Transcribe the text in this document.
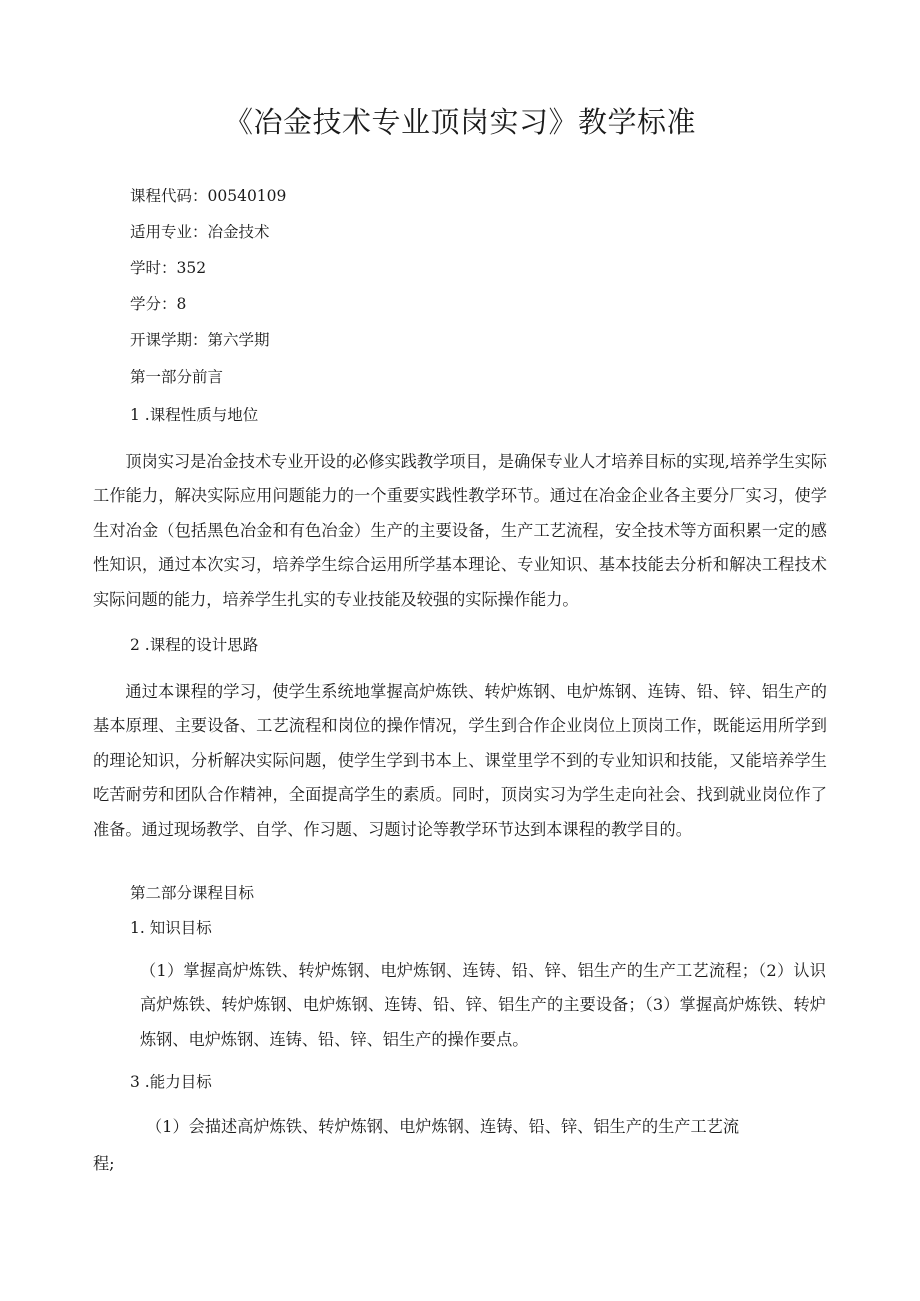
《冶金技术专业顶岗实习》教学标准

课程代码：00540109

适用专业：冶金技术

学时：352

学分：8

开课学期：第六学期

第一部分前言

1 .课程性质与地位

顶岗实习是冶金技术专业开设的必修实践教学项目，是确保专业人才培养目标的实现,培养学生实际工作能力，解决实际应用问题能力的一个重要实践性教学环节。通过在冶金企业各主要分厂实习，使学生对冶金（包括黑色冶金和有色冶金）生产的主要设备，生产工艺流程，安全技术等方面积累一定的感性知识，通过本次实习，培养学生综合运用所学基本理论、专业知识、基本技能去分析和解决工程技术实际问题的能力，培养学生扎实的专业技能及较强的实际操作能力。

2 .课程的设计思路

通过本课程的学习，使学生系统地掌握高炉炼铁、转炉炼钢、电炉炼钢、连铸、铅、锌、铝生产的基本原理、主要设备、工艺流程和岗位的操作情况，学生到合作企业岗位上顶岗工作，既能运用所学到的理论知识，分析解决实际问题，使学生学到书本上、课堂里学不到的专业知识和技能，又能培养学生吃苦耐劳和团队合作精神，全面提高学生的素质。同时，顶岗实习为学生走向社会、找到就业岗位作了准备。通过现场教学、自学、作习题、习题讨论等教学环节达到本课程的教学目的。

第二部分课程目标

1. 知识目标

（1）掌握高炉炼铁、转炉炼钢、电炉炼钢、连铸、铅、锌、铝生产的生产工艺流程；（2）认识高炉炼铁、转炉炼钢、电炉炼钢、连铸、铅、锌、铝生产的主要设备；（3）掌握高炉炼铁、转炉炼钢、电炉炼钢、连铸、铅、锌、铝生产的操作要点。

3 .能力目标

（1）会描述高炉炼铁、转炉炼钢、电炉炼钢、连铸、铅、锌、铝生产的生产工艺流

程;
